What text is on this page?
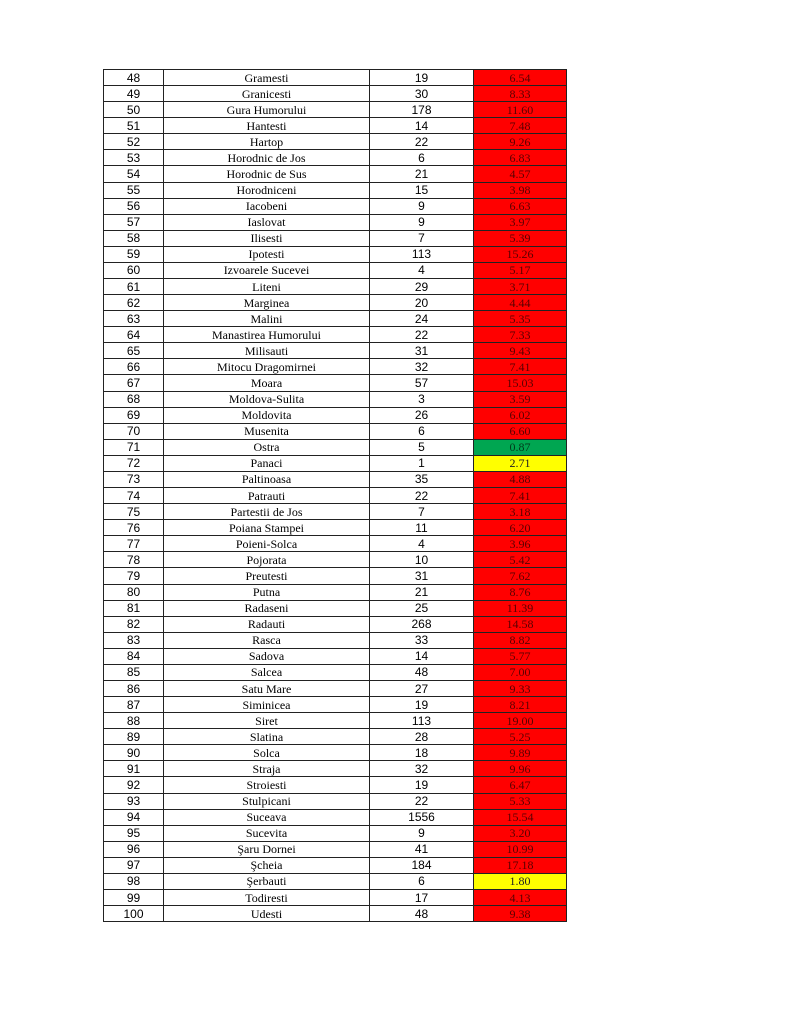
48	Gramesti	19	6.54
49	Granicesti	30	8.33
50	Gura Humorului	178	11.60
51	Hantesti	14	7.48
52	Hartop	22	9.26
53	Horodnic de Jos	6	6.83
54	Horodnic de Sus	21	4.57
55	Horodniceni	15	3.98
56	Iacobeni	9	6.63
57	Iaslovat	9	3.97
58	Ilisesti	7	5.39
59	Ipotesti	113	15.26
60	Izvoarele Sucevei	4	5.17
61	Liteni	29	3.71
62	Marginea	20	4.44
63	Malini	24	5.35
64	Manastirea Humorului	22	7.33
65	Milisauti	31	9.43
66	Mitocu Dragomirnei	32	7.41
67	Moara	57	15.03
68	Moldova-Sulita	3	3.59
69	Moldovita	26	6.02
70	Musenita	6	6.60
71	Ostra	5	0.87
72	Panaci	1	2.71
73	Paltinoasa	35	4.88
74	Patrauti	22	7.41
75	Partestii de Jos	7	3.18
76	Poiana Stampei	11	6.20
77	Poieni-Solca	4	3.96
78	Pojorata	10	5.42
79	Preutesti	31	7.62
80	Putna	21	8.76
81	Radaseni	25	11.39
82	Radauti	268	14.58
83	Rasca	33	8.82
84	Sadova	14	5.77
85	Salcea	48	7.00
86	Satu Mare	27	9.33
87	Siminicea	19	8.21
88	Siret	113	19.00
89	Slatina	28	5.25
90	Solca	18	9.89
91	Straja	32	9.96
92	Stroiesti	19	6.47
93	Stulpicani	22	5.33
94	Suceava	1556	15.54
95	Sucevita	9	3.20
96	Şaru Dornei	41	10.99
97	Şcheia	184	17.18
98	Şerbauti	6	1.80
99	Todiresti	17	4.13
100	Udesti	48	9.38
